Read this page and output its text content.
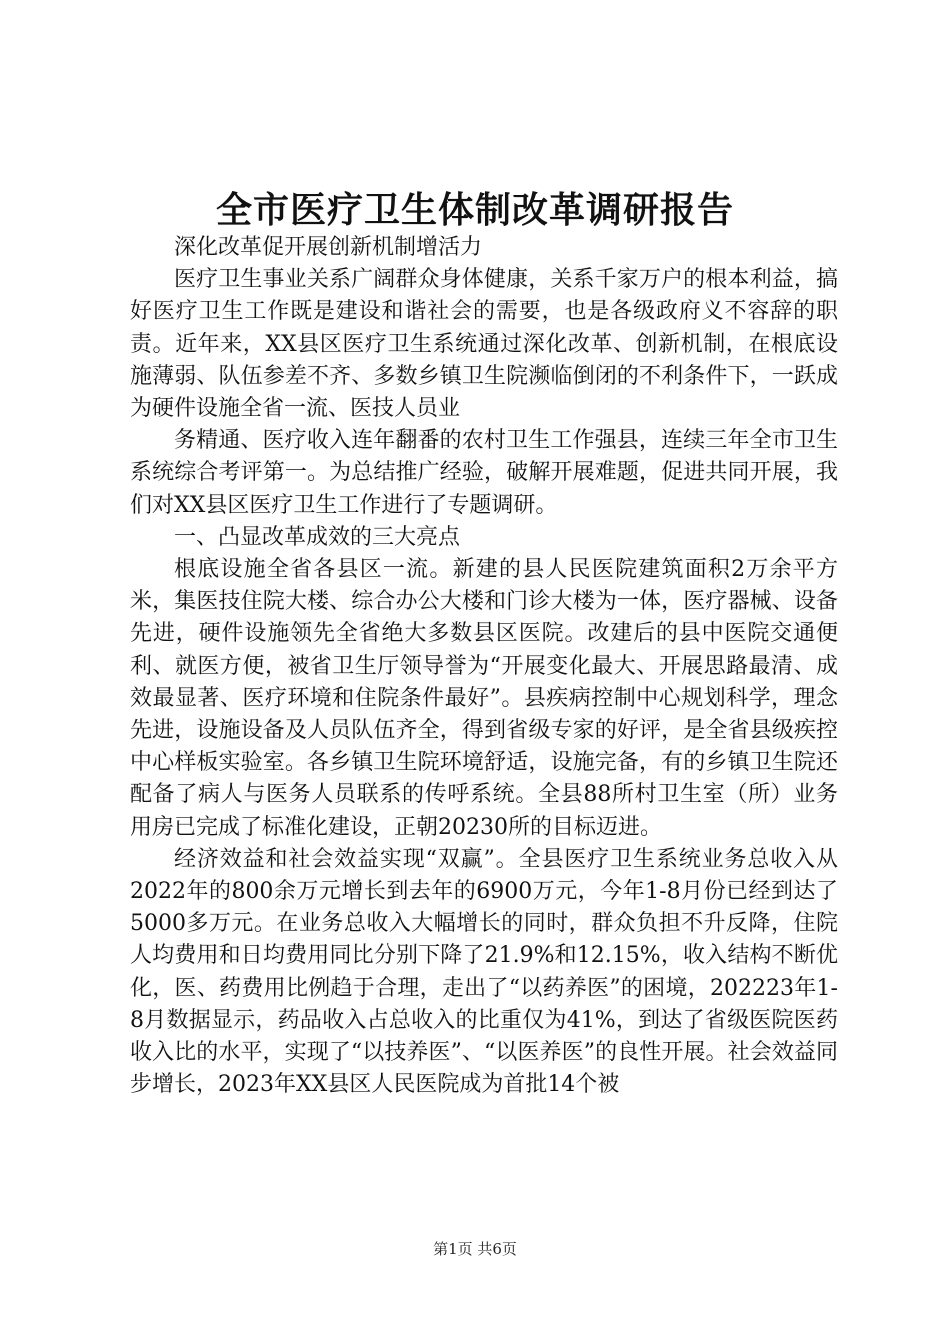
全市医疗卫生体制改革调研报告

深化改革促开展创新机制增活力

医疗卫生事业关系广阔群众身体健康，关系千家万户的根本利益，搞好医疗卫生工作既是建设和谐社会的需要，也是各级政府义不容辞的职责。近年来，XX县区医疗卫生系统通过深化改革、创新机制，在根底设施薄弱、队伍参差不齐、多数乡镇卫生院濒临倒闭的不利条件下，一跃成为硬件设施全省一流、医技人员业

务精通、医疗收入连年翻番的农村卫生工作强县，连续三年全市卫生系统综合考评第一。为总结推广经验，破解开展难题，促进共同开展，我们对XX县区医疗卫生工作进行了专题调研。

一、凸显改革成效的三大亮点

根底设施全省各县区一流。新建的县人民医院建筑面积2万余平方米，集医技住院大楼、综合办公大楼和门诊大楼为一体，医疗器械、设备先进，硬件设施领先全省绝大多数县区医院。改建后的县中医院交通便利、就医方便，被省卫生厅领导誉为“开展变化最大、开展思路最清、成效最显著、医疗环境和住院条件最好”。县疾病控制中心规划科学，理念先进，设施设备及人员队伍齐全，得到省级专家的好评，是全省县级疾控中心样板实验室。各乡镇卫生院环境舒适，设施完备，有的乡镇卫生院还配备了病人与医务人员联系的传呼系统。全县88所村卫生室（所）业务用房已完成了标准化建设，正朝20230所的目标迈进。

经济效益和社会效益实现“双赢”。全县医疗卫生系统业务总收入从2022年的800余万元增长到去年的6900万元，今年1-8月份已经到达了5000多万元。在业务总收入大幅增长的同时，群众负担不升反降，住院人均费用和日均费用同比分别下降了21.9%和12.15%，收入结构不断优化，医、药费用比例趋于合理，走出了“以药养医”的困境，202223年1-8月数据显示，药品收入占总收入的比重仅为41%，到达了省级医院医药收入比的水平，实现了“以技养医”、“以医养医”的良性开展。社会效益同步增长，2023年XX县区人民医院成为首批14个被

第1页 共6页
